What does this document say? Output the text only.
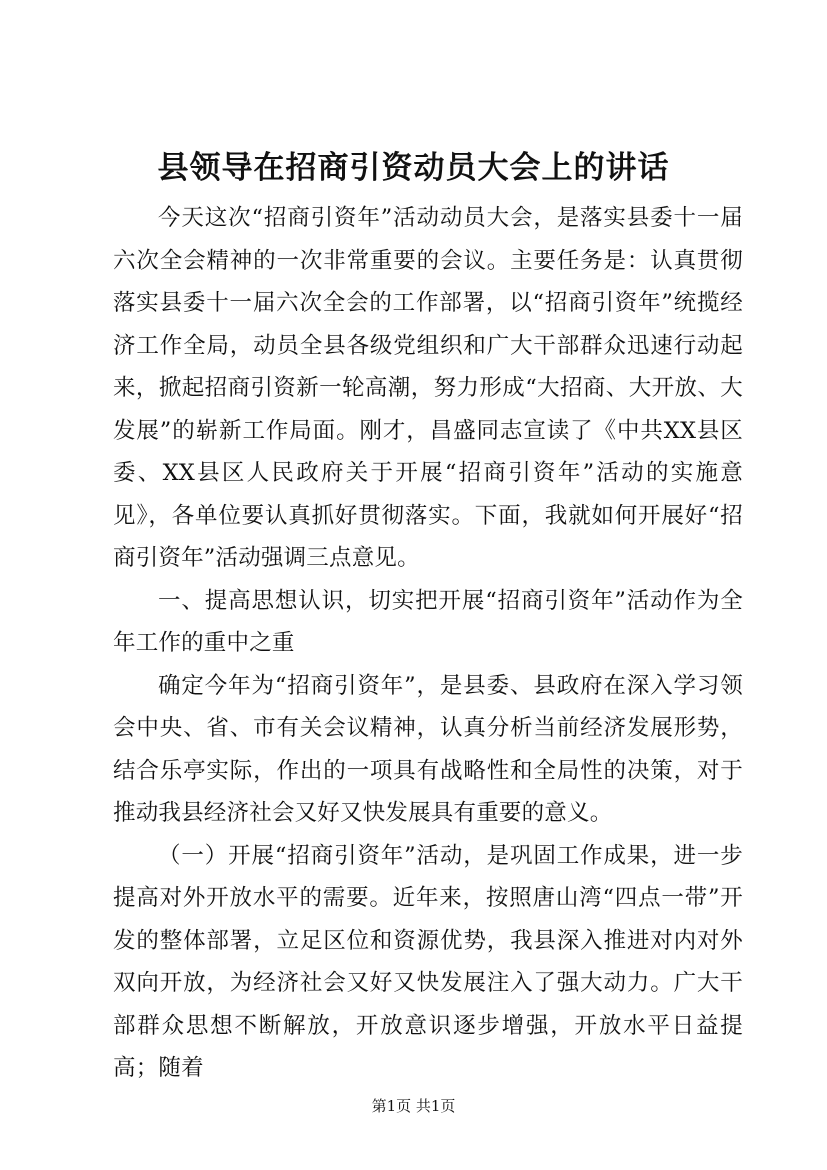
县领导在招商引资动员大会上的讲话

今天这次“招商引资年”活动动员大会，是落实县委十一届六次全会精神的一次非常重要的会议。主要任务是：认真贯彻落实县委十一届六次全会的工作部署，以“招商引资年”统揽经济工作全局，动员全县各级党组织和广大干部群众迅速行动起来，掀起招商引资新一轮高潮，努力形成“大招商、大开放、大发展”的崭新工作局面。刚才，昌盛同志宣读了《中共XX县区委、XX县区人民政府关于开展“招商引资年”活动的实施意见》，各单位要认真抓好贯彻落实。下面，我就如何开展好“招商引资年”活动强调三点意见。

一、提高思想认识，切实把开展“招商引资年”活动作为全年工作的重中之重

确定今年为“招商引资年”，是县委、县政府在深入学习领会中央、省、市有关会议精神，认真分析当前经济发展形势，结合乐亭实际，作出的一项具有战略性和全局性的决策，对于推动我县经济社会又好又快发展具有重要的意义。

（一）开展“招商引资年”活动，是巩固工作成果，进一步提高对外开放水平的需要。近年来，按照唐山湾“四点一带”开发的整体部署，立足区位和资源优势，我县深入推进对内对外双向开放，为经济社会又好又快发展注入了强大动力。广大干部群众思想不断解放，开放意识逐步增强，开放水平日益提高；随着

第1页 共1页
